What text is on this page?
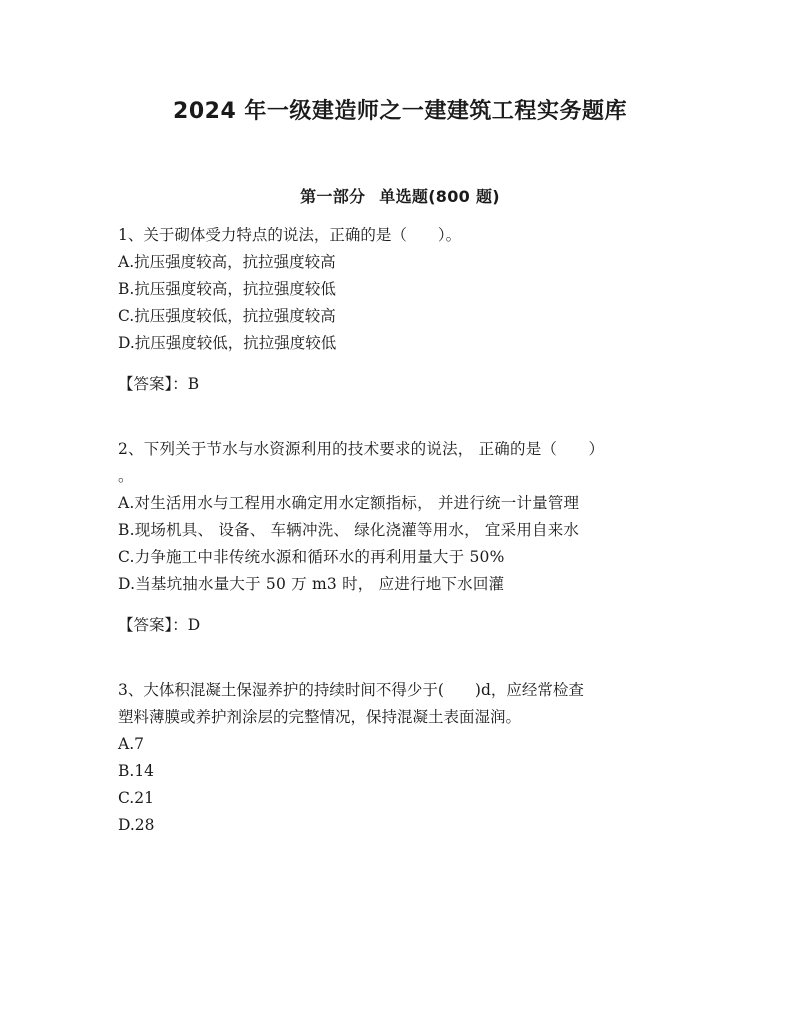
2024 年一级建造师之一建建筑工程实务题库
第一部分 单选题(800 题)
1、关于砌体受力特点的说法，正确的是（　　）。
A.抗压强度较高，抗拉强度较高
B.抗压强度较高，抗拉强度较低
C.抗压强度较低，抗拉强度较高
D.抗压强度较低，抗拉强度较低
【答案】：B
2、下列关于节水与水资源利用的技术要求的说法， 正确的是（　　）
。
A.对生活用水与工程用水确定用水定额指标， 并进行统一计量管理
B.现场机具、 设备、 车辆冲洗、 绿化浇灌等用水， 宜采用自来水
C.力争施工中非传统水源和循环水的再利用量大于 50%
D.当基坑抽水量大于 50 万 m3 时， 应进行地下水回灌
【答案】：D
3、大体积混凝土保湿养护的持续时间不得少于(　　)d，应经常检查
塑料薄膜或养护剂涂层的完整情况，保持混凝土表面湿润。
A.7
B.14
C.21
D.28
